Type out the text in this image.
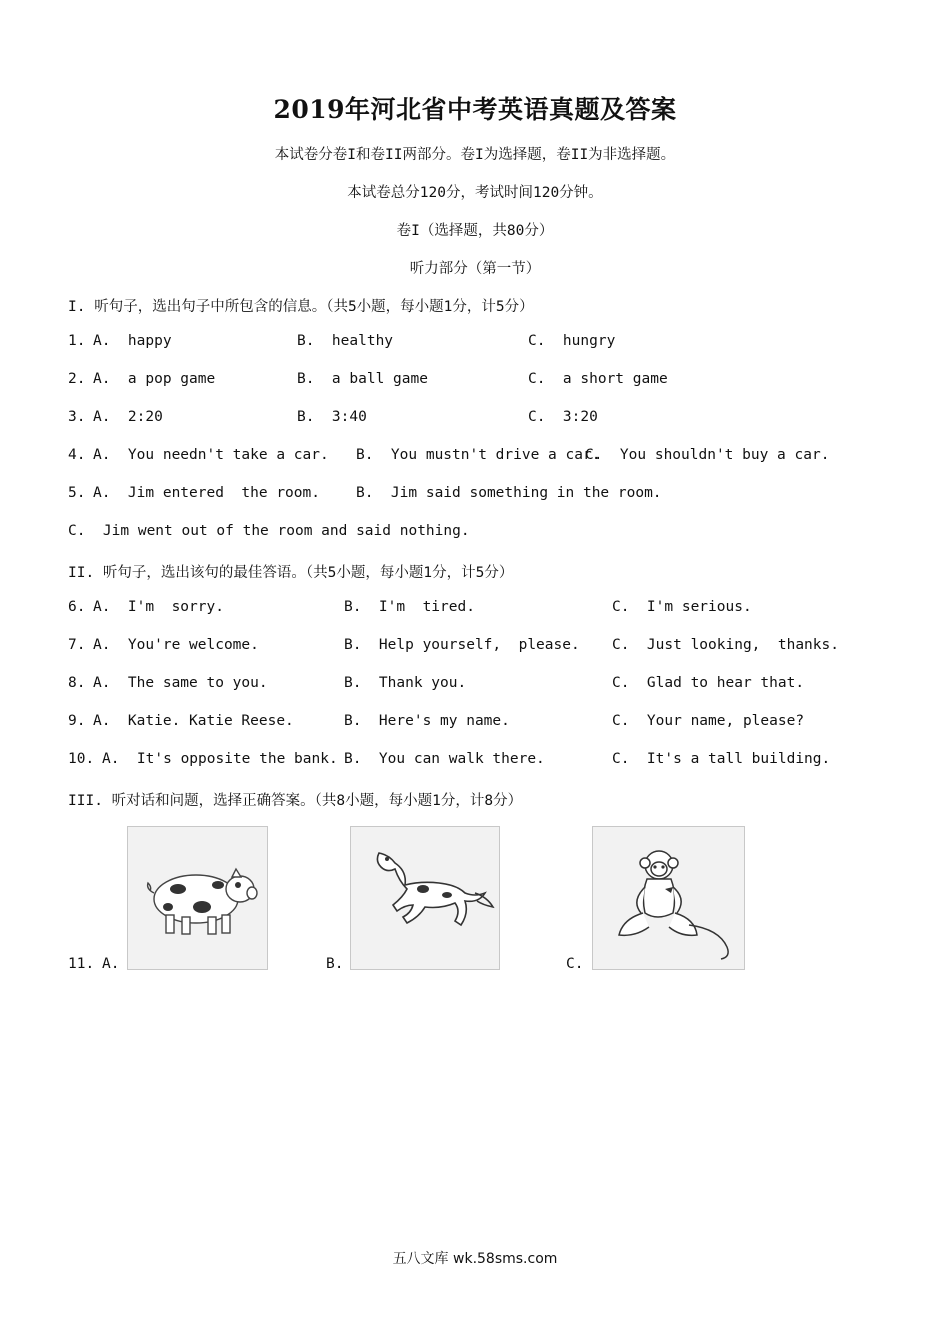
2019年河北省中考英语真题及答案
本试卷分卷I和卷II两部分。卷I为选择题，卷II为非选择题。
本试卷总分120分，考试时间120分钟。
卷I（选择题，共80分）
听力部分（第一节）
I. 听句子，选出句子中所包含的信息。（共5小题，每小题1分，计5分）
1. A.  happy	B.  healthy	C.  hungry
2. A.  a pop game	B.  a ball game	C.  a short game
3. A.  2:20	B.  3:40	C.  3:20
4. A.  You needn't take a car. B.  You mustn't drive a car.
C.  You shouldn't buy a car.
5. A.  Jim entered  the room. B.  Jim said something in the room.
C.  Jim went out of the room and said nothing.
II. 听句子，选出该句的最佳答语。（共5小题，每小题1分，计5分）
6. A.  I'm  sorry.	B.  I'm  tired.	C.  I'm serious.
7. A.  You're welcome.	B.  Help yourself,  please. C.  Just looking,  thanks.
8. A.  The same to you.	B.  Thank you.	C.  Glad to hear that.
9. A.  Katie. Katie Reese.	B.  Here's my name.	C.  Your name, please?
10. A.  It's opposite the bank. B.  You can walk there.	C.  It's a tall building.
III. 听对话和问题，选择正确答案。（共8小题，每小题1分，计8分）
11. A.	B.	C.
五八文库 wk.58sms.com
